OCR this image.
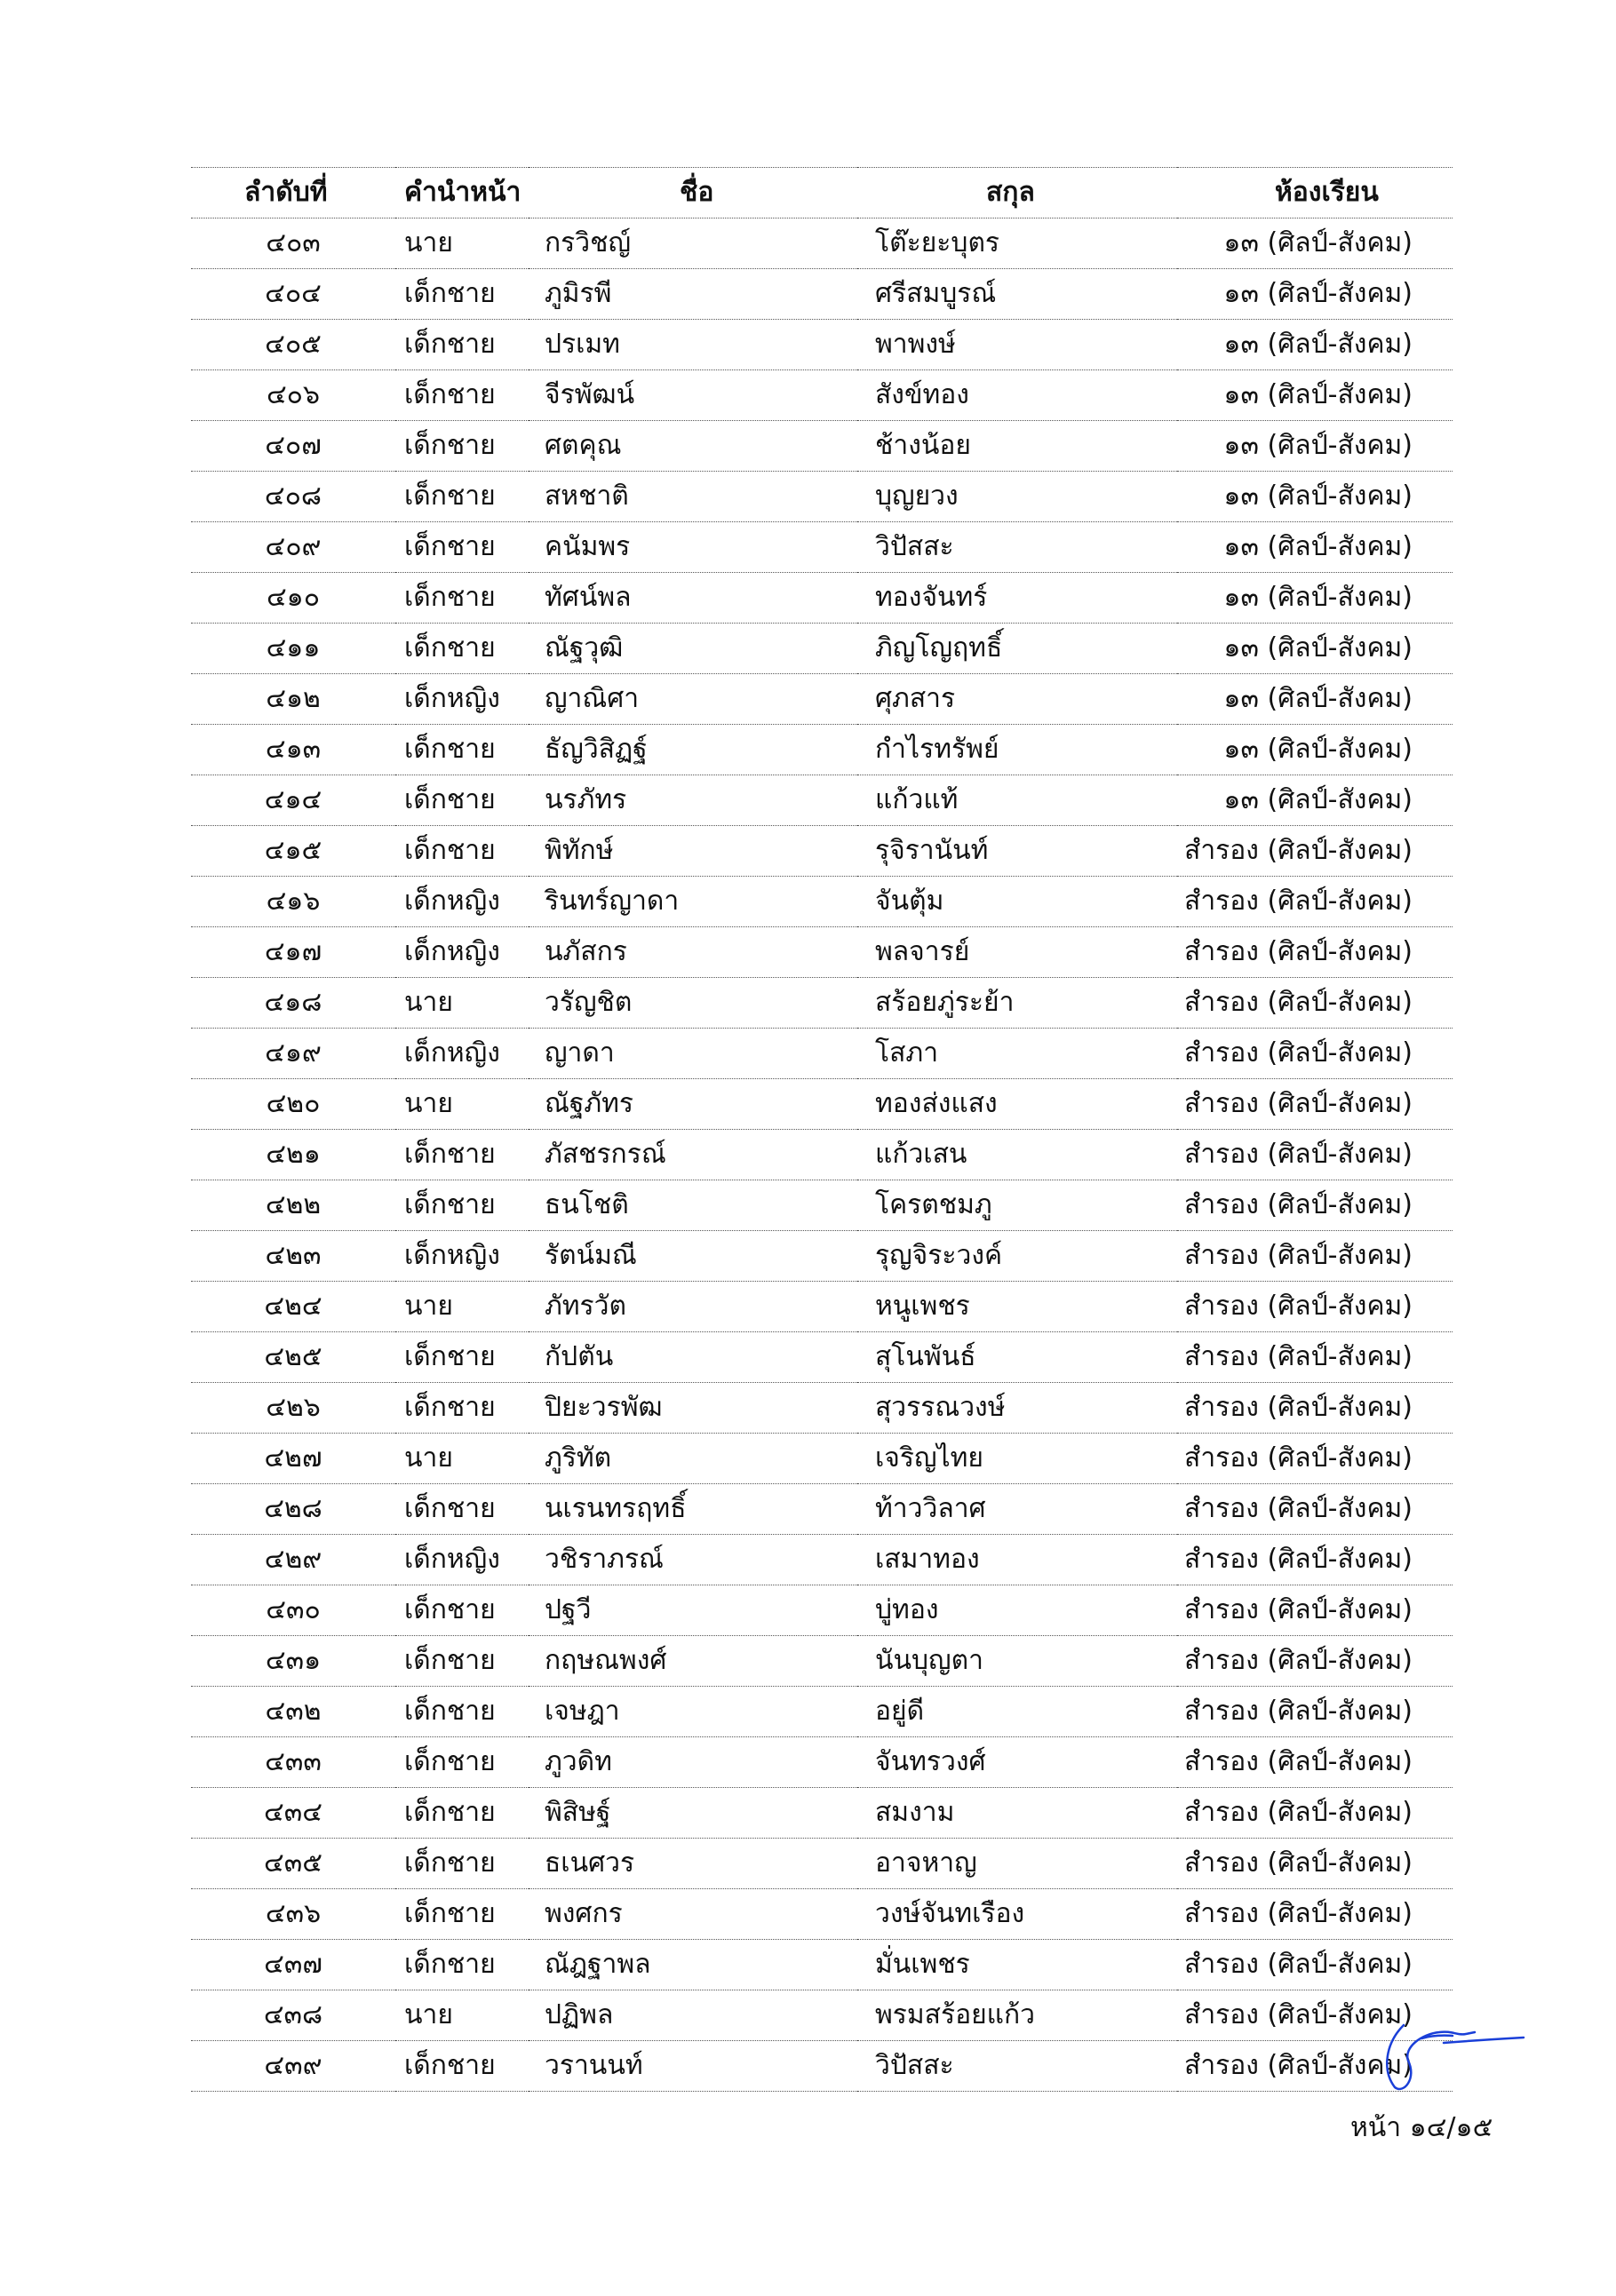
ลำดับที่	คำนำหน้า	ชื่อ	สกุล	ห้องเรียน
๔๐๓	นาย	กรวิชญ์	โต๊ะยะบุตร	๑๓ (ศิลป์-สังคม)
๔๐๔	เด็กชาย	ภูมิรพี	ศรีสมบูรณ์	๑๓ (ศิลป์-สังคม)
๔๐๕	เด็กชาย	ปรเมท	พาพงษ์	๑๓ (ศิลป์-สังคม)
๔๐๖	เด็กชาย	จีรพัฒน์	สังข์ทอง	๑๓ (ศิลป์-สังคม)
๔๐๗	เด็กชาย	ศตคุณ	ช้างน้อย	๑๓ (ศิลป์-สังคม)
๔๐๘	เด็กชาย	สหชาติ	บุญยวง	๑๓ (ศิลป์-สังคม)
๔๐๙	เด็กชาย	คนัมพร	วิปัสสะ	๑๓ (ศิลป์-สังคม)
๔๑๐	เด็กชาย	ทัศน์พล	ทองจันทร์	๑๓ (ศิลป์-สังคม)
๔๑๑	เด็กชาย	ณัฐวุฒิ	ภิญโญฤทธิ์	๑๓ (ศิลป์-สังคม)
๔๑๒	เด็กหญิง	ญาณิศา	ศุภสาร	๑๓ (ศิลป์-สังคม)
๔๑๓	เด็กชาย	ธัญวิสิฏฐ์	กำไรทรัพย์	๑๓ (ศิลป์-สังคม)
๔๑๔	เด็กชาย	นรภัทร	แก้วแท้	๑๓ (ศิลป์-สังคม)
๔๑๕	เด็กชาย	พิทักษ์	รุจิรานันท์	สำรอง (ศิลป์-สังคม)
๔๑๖	เด็กหญิง	รินทร์ญาดา	จันตุ้ม	สำรอง (ศิลป์-สังคม)
๔๑๗	เด็กหญิง	นภัสกร	พลจารย์	สำรอง (ศิลป์-สังคม)
๔๑๘	นาย	วรัญชิต	สร้อยภู่ระย้า	สำรอง (ศิลป์-สังคม)
๔๑๙	เด็กหญิง	ญาดา	โสภา	สำรอง (ศิลป์-สังคม)
๔๒๐	นาย	ณัฐภัทร	ทองส่งแสง	สำรอง (ศิลป์-สังคม)
๔๒๑	เด็กชาย	ภัสชรกรณ์	แก้วเสน	สำรอง (ศิลป์-สังคม)
๔๒๒	เด็กชาย	ธนโชติ	โครตชมภู	สำรอง (ศิลป์-สังคม)
๔๒๓	เด็กหญิง	รัตน์มณี	รุญจิระวงค์	สำรอง (ศิลป์-สังคม)
๔๒๔	นาย	ภัทรวัต	หนูเพชร	สำรอง (ศิลป์-สังคม)
๔๒๕	เด็กชาย	กัปตัน	สุโนพันธ์	สำรอง (ศิลป์-สังคม)
๔๒๖	เด็กชาย	ปิยะวรพัฒ	สุวรรณวงษ์	สำรอง (ศิลป์-สังคม)
๔๒๗	นาย	ภูริทัต	เจริญไทย	สำรอง (ศิลป์-สังคม)
๔๒๘	เด็กชาย	นเรนทรฤทธิ์	ท้าววิลาศ	สำรอง (ศิลป์-สังคม)
๔๒๙	เด็กหญิง	วชิราภรณ์	เสมาทอง	สำรอง (ศิลป์-สังคม)
๔๓๐	เด็กชาย	ปฐวี	บู่ทอง	สำรอง (ศิลป์-สังคม)
๔๓๑	เด็กชาย	กฤษณพงศ์	นันบุญตา	สำรอง (ศิลป์-สังคม)
๔๓๒	เด็กชาย	เจษฎา	อยู่ดี	สำรอง (ศิลป์-สังคม)
๔๓๓	เด็กชาย	ภูวดิท	จันทรวงศ์	สำรอง (ศิลป์-สังคม)
๔๓๔	เด็กชาย	พิสิษฐ์	สมงาม	สำรอง (ศิลป์-สังคม)
๔๓๕	เด็กชาย	ธเนศวร	อาจหาญ	สำรอง (ศิลป์-สังคม)
๔๓๖	เด็กชาย	พงศกร	วงษ์จันทเรือง	สำรอง (ศิลป์-สังคม)
๔๓๗	เด็กชาย	ณัฎฐาพล	มั่นเพชร	สำรอง (ศิลป์-สังคม)
๔๓๘	นาย	ปฏิพล	พรมสร้อยแก้ว	สำรอง (ศิลป์-สังคม)
๔๓๙	เด็กชาย	วรานนท์	วิปัสสะ	สำรอง (ศิลป์-สังคม)
หน้า ๑๔/๑๕
